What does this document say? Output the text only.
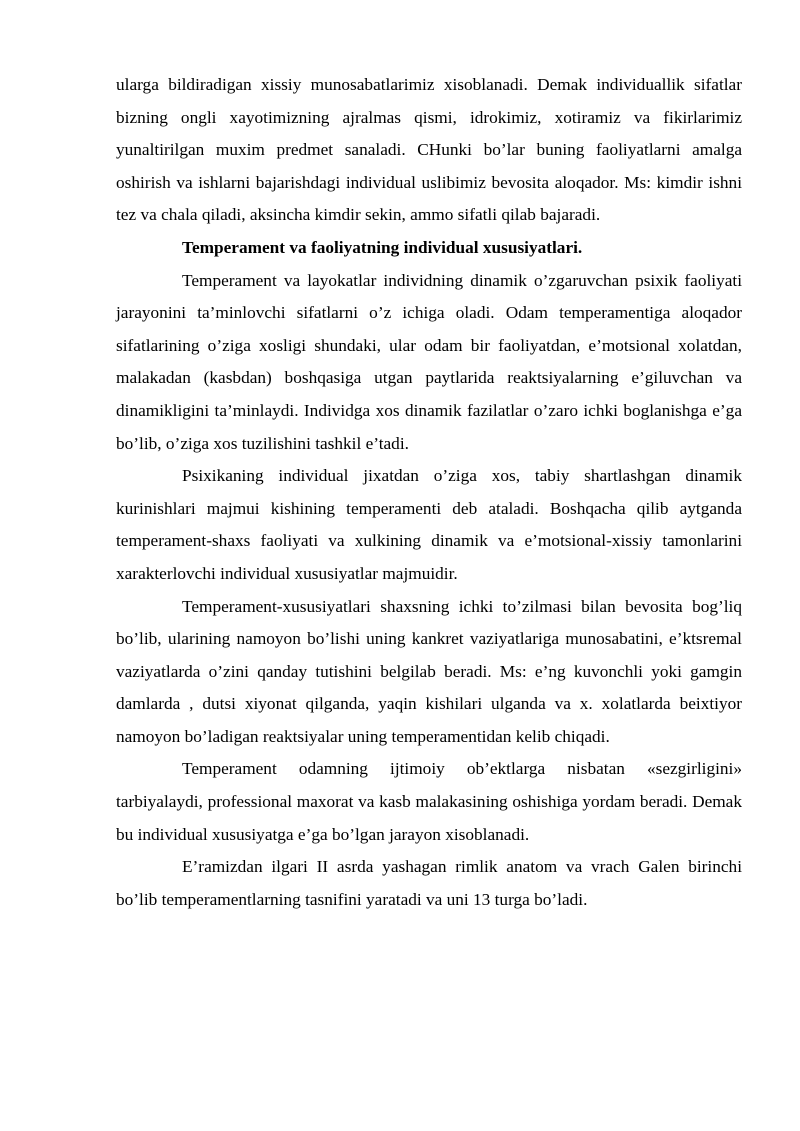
ularga bildiradigan xissiy munosabatlarimiz xisoblanadi. Demak individuallik sifatlar bizning ongli xayotimizning ajralmas qismi, idrokimiz, xotiramiz va fikirlarimiz yunaltirilgan muxim predmet sanaladi. CHunki bo’lar buning faoliyatlarni amalga oshirish va ishlarni bajarishdagi individual uslibimiz bevosita aloqador. Ms: kimdir ishni tez va chala qiladi, aksincha kimdir sekin, ammo sifatli qilab bajaradi.

Temperament va faoliyatning individual xususiyatlari.

Temperament va layokatlar individning dinamik o’zgaruvchan psixik faoliyati jarayonini ta’minlovchi sifatlarni o’z ichiga oladi. Odam temperamentiga aloqador sifatlarining o’ziga xosligi shundaki, ular odam bir faoliyatdan, e’motsional xolatdan, malakadan (kasbdan) boshqasiga utgan paytlarida reaktsiyalarning e’giluvchan va dinamikligini ta’minlaydi. Individga xos dinamik fazilatlar o’zaro ichki boglanishga e’ga bo’lib, o’ziga xos tuzilishini tashkil e’tadi.

Psixikaning individual jixatdan o’ziga xos, tabiy shartlashgan dinamik kurinishlari majmui kishining temperamenti deb ataladi. Boshqacha qilib aytganda temperament-shaxs faoliyati va xulkining dinamik va e’motsional-xissiy tamonlarini xarakterlovchi individual xususiyatlar majmuidir.

Temperament-xususiyatlari shaxsning ichki to’zilmasi bilan bevosita bog’liq bo’lib, ularining namoyon bo’lishi uning kankret vaziyatlariga munosabatini, e’ktsremal vaziyatlarda o’zini qanday tutishini belgilab beradi. Ms: e’ng kuvonchli yoki gamgin damlarda , dutsi xiyonat qilganda, yaqin kishilari ulganda va x. xolatlarda beixtiyor namoyon bo’ladigan reaktsiyalar uning temperamentidan kelib chiqadi.

Temperament odamning ijtimoiy ob’ektlarga nisbatan «sezgirligini» tarbiyalaydi, professional maxorat va kasb malakasining oshishiga yordam beradi. Demak bu individual xususiyatga e’ga bo’lgan jarayon xisoblanadi.

E’ramizdan ilgari II asrda yashagan rimlik anatom va vrach Galen birinchi bo’lib temperamentlarning tasnifini yaratadi va uni 13 turga bo’ladi.
